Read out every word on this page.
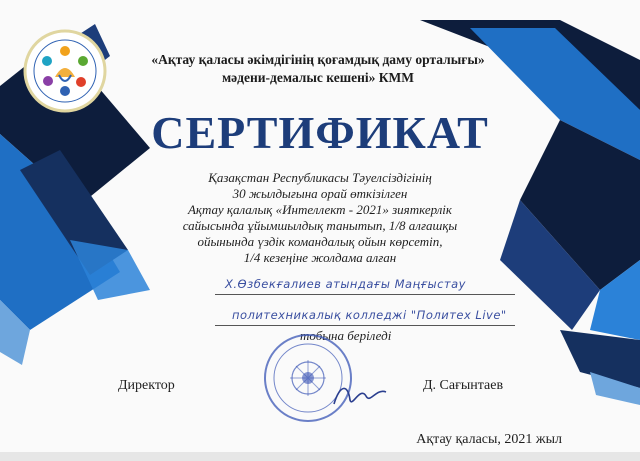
«Ақтау қаласы әкімдігінің қоғамдық даму орталығы»
мәдени-демалыс кешені» КММ
СЕРТИФИКАТ
Қазақстан Республикасы Тәуелсіздігінің
30 жылдығына орай өткізілген
Ақтау қалалық «Интеллект - 2021» зияткерлік
сайысында ұйымшылдық танытып, 1/8 алғашқы
ойынында үздік командалық ойын көрсетіп,
1/4 кезеңіне жолдама алған
Х.Өзбекғалиев атындағы Маңғыстау
политехникалық колледжі "Политех Live"
тобына беріледі
Директор	Д. Сағынтаев
Ақтау қаласы, 2021 жыл
